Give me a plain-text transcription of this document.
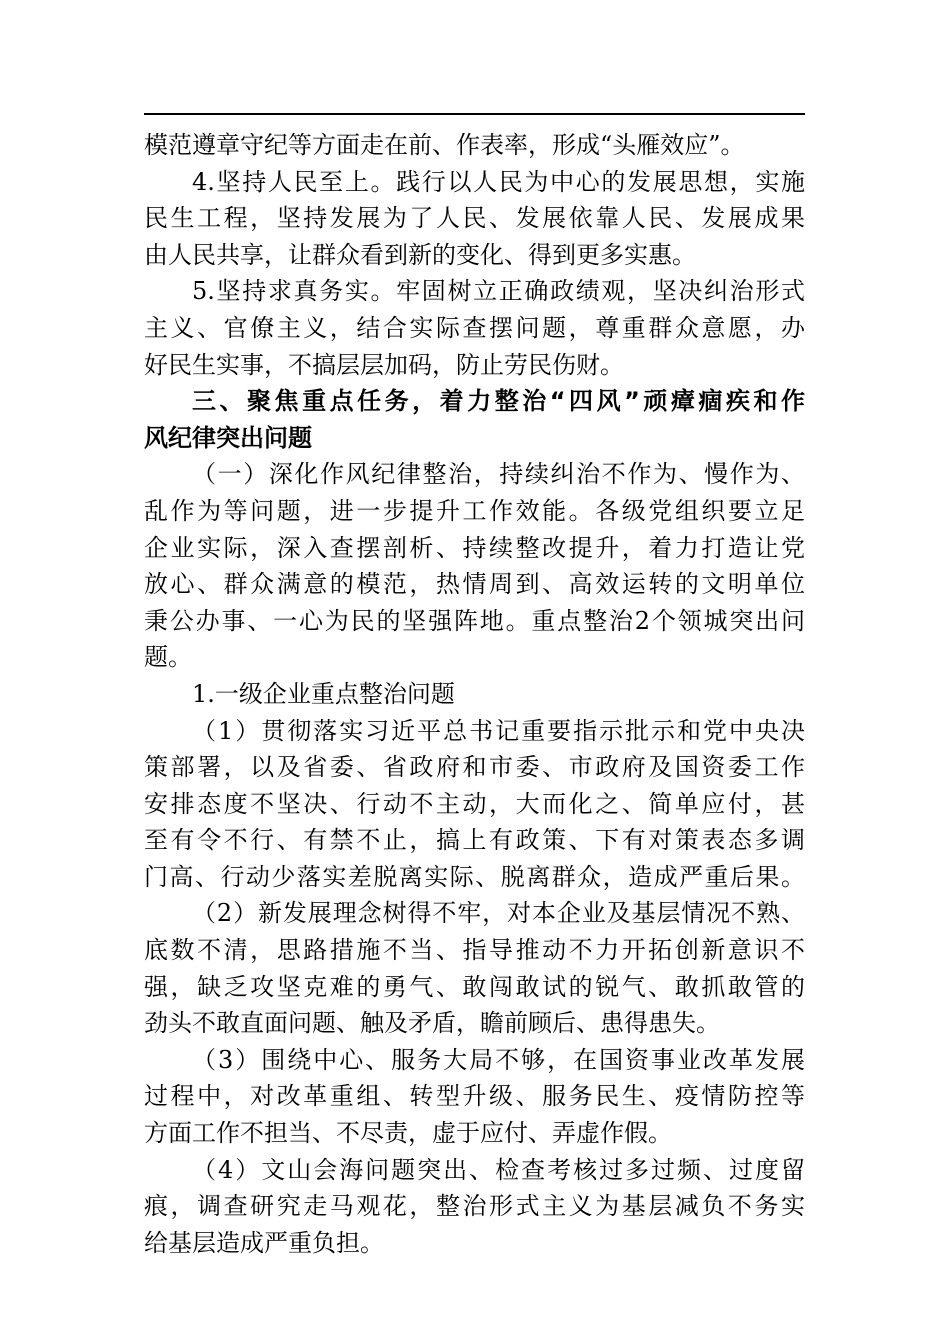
模范遵章守纪等方面走在前、作表率，形成“头雁效应”。
4.坚持人民至上。践行以人民为中心的发展思想，实施
民生工程，坚持发展为了人民、发展依靠人民、发展成果
由人民共享，让群众看到新的变化、得到更多实惠。
5.坚持求真务实。牢固树立正确政绩观，坚决纠治形式
主义、官僚主义，结合实际查摆问题，尊重群众意愿，办
好民生实事，不搞层层加码，防止劳民伤财。
三、聚焦重点任务，着力整治“四风”顽瘴痼疾和作
风纪律突出问题
（一）深化作风纪律整治，持续纠治不作为、慢作为、
乱作为等问题，进一步提升工作效能。各级党组织要立足
企业实际，深入查摆剖析、持续整改提升，着力打造让党
放心、群众满意的模范，热情周到、高效运转的文明单位
秉公办事、一心为民的坚强阵地。重点整治2个领城突出问
题。
1.一级企业重点整治问题
（1）贯彻落实习近平总书记重要指示批示和党中央决
策部署，以及省委、省政府和市委、市政府及国资委工作
安排态度不坚决、行动不主动，大而化之、简单应付，甚
至有令不行、有禁不止，搞上有政策、下有对策表态多调
门高、行动少落实差脱离实际、脱离群众，造成严重后果。
（2）新发展理念树得不牢，对本企业及基层情况不熟、
底数不清，思路措施不当、指导推动不力开拓创新意识不
强，缺乏攻坚克难的勇气、敢闯敢试的锐气、敢抓敢管的
劲头不敢直面问题、触及矛盾，瞻前顾后、患得患失。
（3）围绕中心、服务大局不够，在国资事业改革发展
过程中，对改革重组、转型升级、服务民生、疫情防控等
方面工作不担当、不尽责，虚于应付、弄虚作假。
（4）文山会海问题突出、检查考核过多过频、过度留
痕，调查研究走马观花，整治形式主义为基层减负不务实
给基层造成严重负担。
